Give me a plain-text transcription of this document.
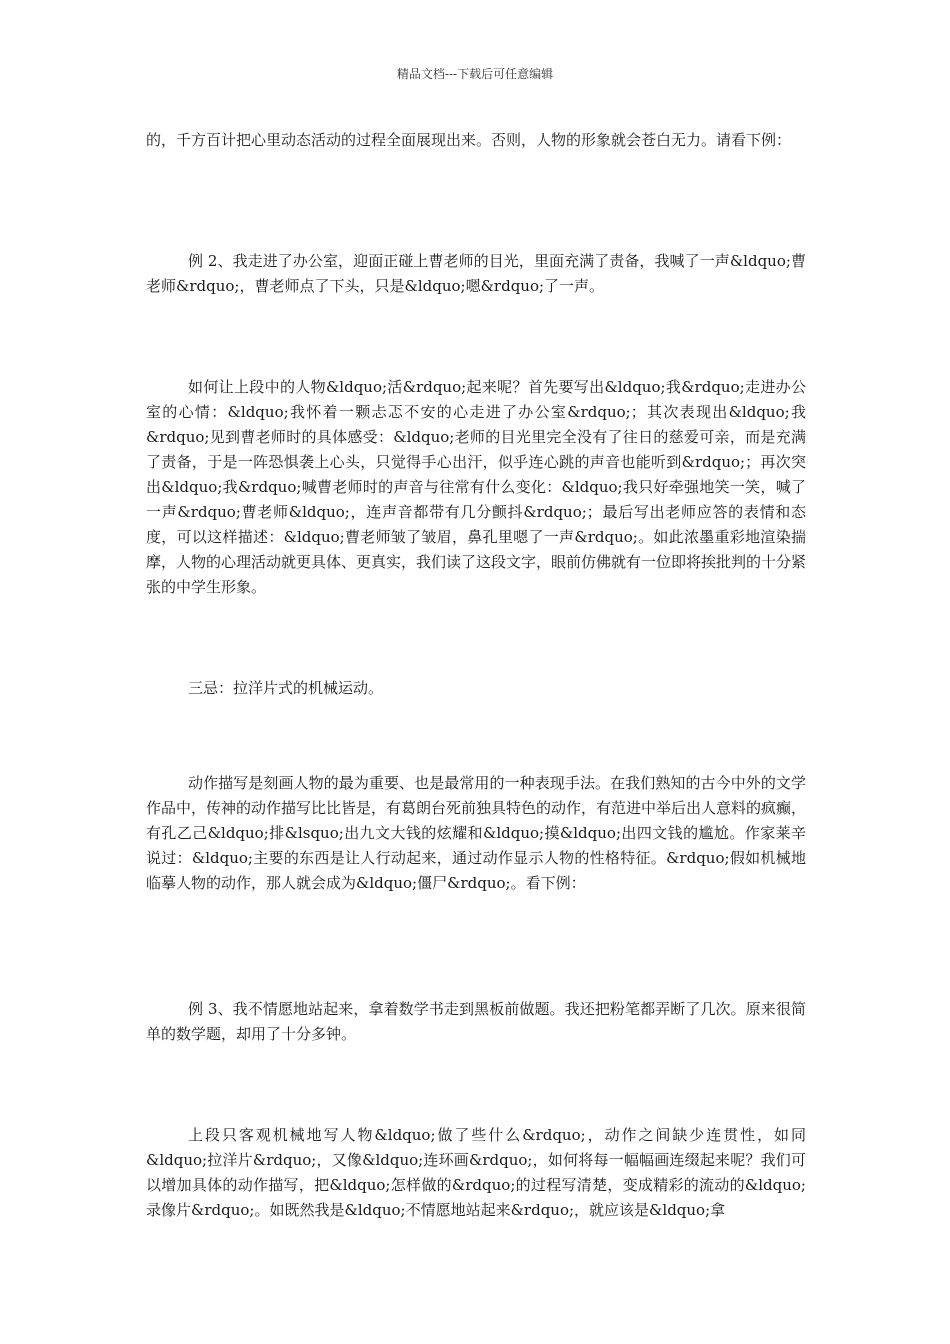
精品文档---下载后可任意编辑

的，千方百计把心里动态活动的过程全面展现出来。否则，人物的形象就会苍白无力。请看下例：

例 2、我走进了办公室，迎面正碰上曹老师的目光，里面充满了责备，我喊了一声&ldquo;曹老师&rdquo;，曹老师点了下头，只是&ldquo;嗯&rdquo;了一声。

如何让上段中的人物&ldquo;活&rdquo;起来呢？首先要写出&ldquo;我&rdquo;走进办公室的心情：&ldquo;我怀着一颗忐忑不安的心走进了办公室&rdquo;；其次表现出&ldquo;我&rdquo;见到曹老师时的具体感受：&ldquo;老师的目光里完全没有了往日的慈爱可亲，而是充满了责备，于是一阵恐惧袭上心头，只觉得手心出汗，似乎连心跳的声音也能听到&rdquo;；再次突出&ldquo;我&rdquo;喊曹老师时的声音与往常有什么变化：&ldquo;我只好牵强地笑一笑，喊了一声&rdquo;曹老师&ldquo;，连声音都带有几分颤抖&rdquo;；最后写出老师应答的表情和态度，可以这样描述：&ldquo;曹老师皱了皱眉，鼻孔里嗯了一声&rdquo;。如此浓墨重彩地渲染揣摩，人物的心理活动就更具体、更真实，我们读了这段文字，眼前仿佛就有一位即将挨批判的十分紧张的中学生形象。

三忌：拉洋片式的机械运动。

动作描写是刻画人物的最为重要、也是最常用的一种表现手法。在我们熟知的古今中外的文学作品中，传神的动作描写比比皆是，有葛朗台死前独具特色的动作，有范进中举后出人意料的疯癫，有孔乙己&ldquo;排&lsquo;出九文大钱的炫耀和&ldquo;摸&ldquo;出四文钱的尴尬。作家莱辛说过：&ldquo;主要的东西是让人行动起来，通过动作显示人物的性格特征。&rdquo;假如机械地临摹人物的动作，那人就会成为&ldquo;僵尸&rdquo;。看下例：

例 3、我不情愿地站起来，拿着数学书走到黑板前做题。我还把粉笔都弄断了几次。原来很简单的数学题，却用了十分多钟。

上段只客观机械地写人物&ldquo;做了些什么&rdquo;，动作之间缺少连贯性，如同&ldquo;拉洋片&rdquo;，又像&ldquo;连环画&rdquo;，如何将每一幅幅画连缀起来呢？我们可以增加具体的动作描写，把&ldquo;怎样做的&rdquo;的过程写清楚，变成精彩的流动的&ldquo;录像片&rdquo;。如既然我是&ldquo;不情愿地站起来&rdquo;，就应该是&ldquo;拿
